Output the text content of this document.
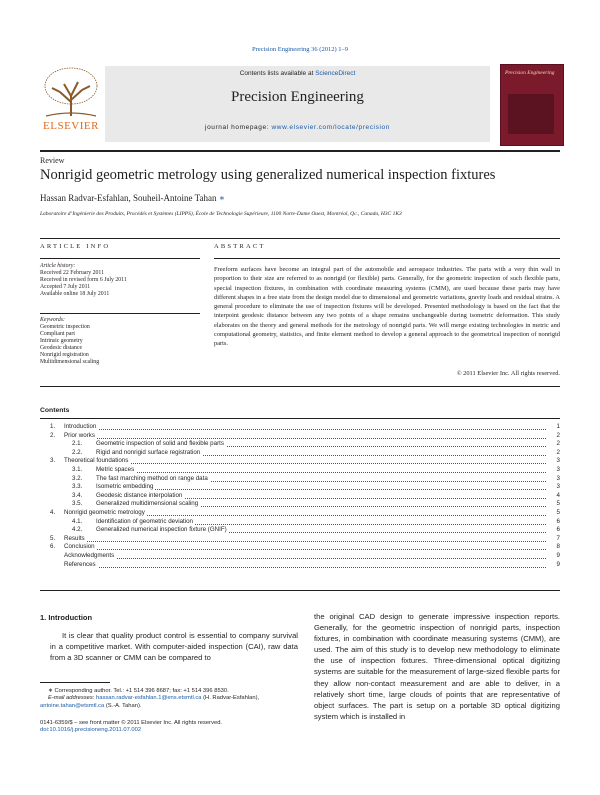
Precision Engineering 36 (2012) 1–9
ELSEVIER
Contents lists available at ScienceDirect
Precision Engineering
journal homepage: www.elsevier.com/locate/precision
Precision Engineering
Review
Nonrigid geometric metrology using generalized numerical inspection fixtures
Hassan Radvar-Esfahlan, Souheil-Antoine Tahan ∗
Laboratoire d’Ingénierie des Produits, Procédés et Systèmes (LIPPS), École de Technologie Supérieure, 1100 Notre-Dame Ouest, Montréal, Qc., Canada, H3C 1K3
ARTICLE INFO	ABSTRACT
Article history:
Received 22 February 2011
Received in revised form 6 July 2011
Accepted 7 July 2011
Available online 18 July 2011
Keywords:
Geometric inspection
Compliant part
Intrinsic geometry
Geodesic distance
Nonrigid registration
Multidimensional scaling
Freeform surfaces have become an integral part of the automobile and aerospace industries. The parts with a very thin wall in proportion to their size are referred to as nonrigid (or flexible) parts. Generally, for the geometric inspection of such flexible parts, special inspection fixtures, in combination with coordinate measuring systems (CMM), are used because these parts may have different shapes in a free state from the design model due to dimensional and geometric variations, gravity loads and residual strains. A general procedure to eliminate the use of inspection fixtures will be developed. Presented methodology is based on the fact that the interpoint geodesic distance between any two points of a shape remains unchangeable during isometric deformation. This study elaborates on the theory and general methods for the metrology of nonrigid parts. We will merge existing technologies in metric and computational geometry, statistics, and finite element method to develop a general approach to the geometrical inspection of nonrigid parts.
© 2011 Elsevier Inc. All rights reserved.
Contents
1. Introduction	1
2. Prior works	2
2.1. Geometric inspection of solid and flexible parts	2
2.2. Rigid and nonrigid surface registration	2
3. Theoretical foundations	3
3.1. Metric spaces	3
3.2. The fast marching method on range data	3
3.3. Isometric embedding	3
3.4. Geodesic distance interpolation	4
3.5. Generalized multidimensional scaling	5
4. Nonrigid geometric metrology	5
4.1. Identification of geometric deviation	6
4.2. Generalized numerical inspection fixture (GNIF)	6
5. Results	7
6. Conclusion	8
Acknowledgments	9
References	9
1. Introduction
It is clear that quality product control is essential to company survival in a competitive market. With computer-aided inspection (CAI), raw data from a 3D scanner or CMM can be compared to
the original CAD design to generate impressive inspection reports. Generally, for the geometric inspection of nonrigid parts, inspection fixtures, in combination with coordinate measuring systems (CMM), are used. The aim of this study is to develop new methodology to eliminate the use of inspection fixtures. Three-dimensional optical digitizing systems are suitable for the measurement of large-sized flexible parts for they allow non-contact measurement and are able to deliver, in a relatively short time, large clouds of points that are representative of object surfaces. The part is setup on a portable 3D optical digitizing system which is installed in
∗ Corresponding author. Tel.: +1 514 396 8687; fax: +1 514 396 8530.
E-mail addresses: hassan.radvar-esfahlan.1@ens.etsmtl.ca (H. Radvar-Esfahlan),
antoine.tahan@etsmtl.ca (S.-A. Tahan).
0141-6359/$ – see front matter © 2011 Elsevier Inc. All rights reserved.
doi:10.1016/j.precisioneng.2011.07.002
